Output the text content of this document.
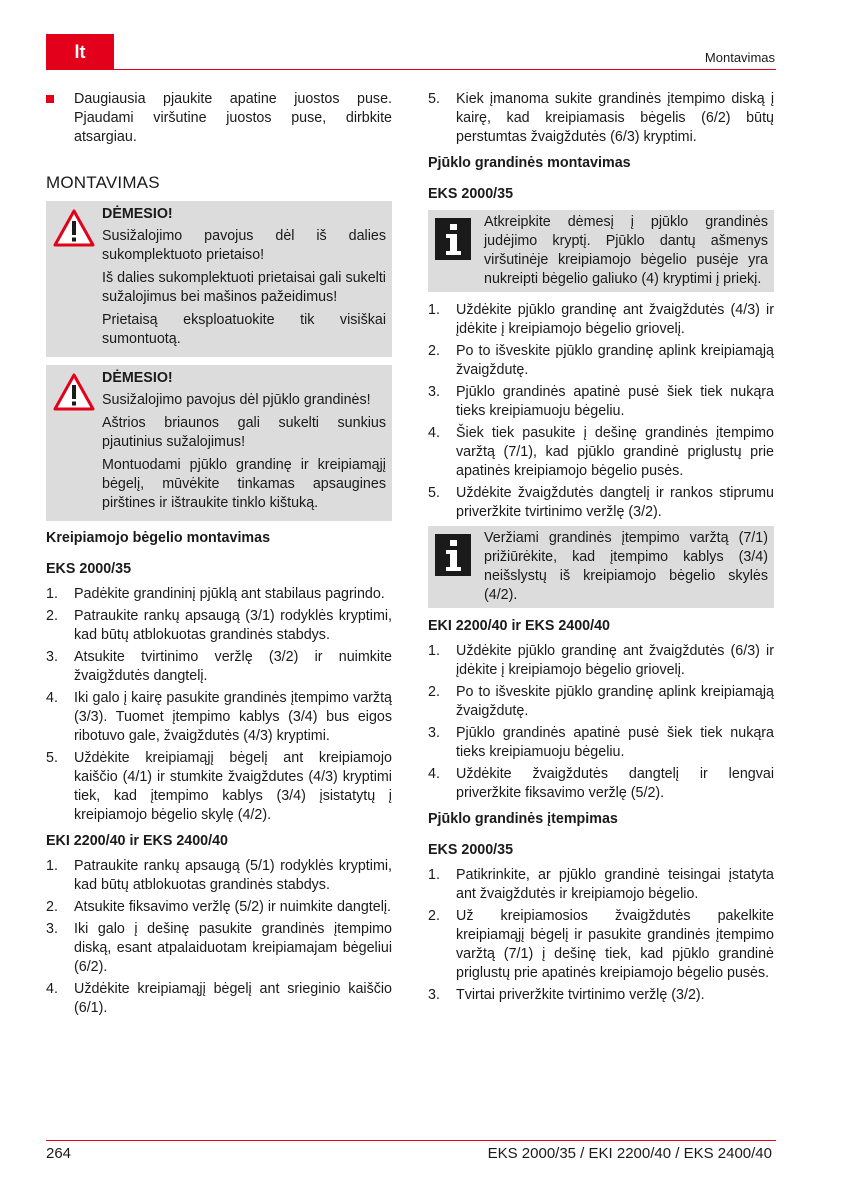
lt	Montavimas

Daugiausia pjaukite apatine juostos puse. Pjaudami viršutine juostos puse, dirbkite atsargiau.

MONTAVIMAS
DĖMESIO!

Susižalojimo pavojus dėl iš dalies sukomplektuoto prietaiso!

Iš dalies sukomplektuoti prietaisai gali sukelti sužalojimus bei mašinos pažeidimus!

Prietaisą eksploatuokite tik visiškai sumontuotą.

DĖMESIO!

Susižalojimo pavojus dėl pjūklo grandinės!

Aštrios briaunos gali sukelti sunkius pjautinius sužalojimus!

Montuodami pjūklo grandinę ir kreipiamąjį bėgelį, mūvėkite tinkamas apsaugines pirštines ir ištraukite tinklo kištuką.

Kreipiamojo bėgelio montavimas
EKS 2000/35
1. Padėkite grandininį pjūklą ant stabilaus pagrindo.
2. Patraukite rankų apsaugą (3/1) rodyklės kryptimi, kad būtų atblokuotas grandinės stabdys.
3. Atsukite tvirtinimo veržlę (3/2) ir nuimkite žvaigždutės dangtelį.
4. Iki galo į kairę pasukite grandinės įtempimo varžtą (3/3). Tuomet įtempimo kablys (3/4) bus eigos ribotuvo gale, žvaigždutės (4/3) kryptimi.
5. Uždėkite kreipiamąjį bėgelį ant kreipiamojo kaiščio (4/1) ir stumkite žvaigždutes (4/3) kryptimi tiek, kad įtempimo kablys (3/4) įsistatytų į kreipiamojo bėgelio skylę (4/2).
EKI 2200/40 ir EKS 2400/40
1. Patraukite rankų apsaugą (5/1) rodyklės kryptimi, kad būtų atblokuotas grandinės stabdys.
2. Atsukite fiksavimo veržlę (5/2) ir nuimkite dangtelį.
3. Iki galo į dešinę pasukite grandinės įtempimo diską, esant atpalaiduotam kreipiamajam bėgeliui (6/2).
4. Uždėkite kreipiamąjį bėgelį ant srieginio kaiščio (6/1).
5. Kiek įmanoma sukite grandinės įtempimo diską į kairę, kad kreipiamasis bėgelis (6/2) būtų perstumtas žvaigždutės (6/3) kryptimi.
Pjūklo grandinės montavimas
EKS 2000/35

Atkreipkite dėmesį į pjūklo grandinės judėjimo kryptį. Pjūklo dantų ašmenys viršutinėje kreipiamojo bėgelio pusėje yra nukreipti bėgelio galiuko (4) kryptimi į priekį.

1. Uždėkite pjūklo grandinę ant žvaigždutės (4/3) ir įdėkite į kreipiamojo bėgelio griovelį.
2. Po to išveskite pjūklo grandinę aplink kreipiamąją žvaigždutę.
3. Pjūklo grandinės apatinė pusė šiek tiek nukąra tieks kreipiamuoju bėgeliu.
4. Šiek tiek pasukite į dešinę grandinės įtempimo varžtą (7/1), kad pjūklo grandinė priglustų prie apatinės kreipiamojo bėgelio pusės.
5. Uždėkite žvaigždutės dangtelį ir rankos stiprumu priveržkite tvirtinimo veržlę (3/2).

Veržiami grandinės įtempimo varžtą (7/1) prižiūrėkite, kad įtempimo kablys (3/4) neišslystų iš kreipiamojo bėgelio skylės (4/2).

EKI 2200/40 ir EKS 2400/40
1. Uždėkite pjūklo grandinę ant žvaigždutės (6/3) ir įdėkite į kreipiamojo bėgelio griovelį.
2. Po to išveskite pjūklo grandinę aplink kreipiamąją žvaigždutę.
3. Pjūklo grandinės apatinė pusė šiek tiek nukąra tieks kreipiamuoju bėgeliu.
4. Uždėkite žvaigždutės dangtelį ir lengvai priveržkite fiksavimo veržlę (5/2).
Pjūklo grandinės įtempimas
EKS 2000/35
1. Patikrinkite, ar pjūklo grandinė teisingai įstatyta ant žvaigždutės ir kreipiamojo bėgelio.
2. Už kreipiamosios žvaigždutės pakelkite kreipiamąjį bėgelį ir pasukite grandinės įtempimo varžtą (7/1) į dešinę tiek, kad pjūklo grandinė priglustų prie apatinės kreipiamojo bėgelio pusės.
3. Tvirtai priveržkite tvirtinimo veržlę (3/2).
264	EKS 2000/35 / EKI 2200/40 / EKS 2400/40
